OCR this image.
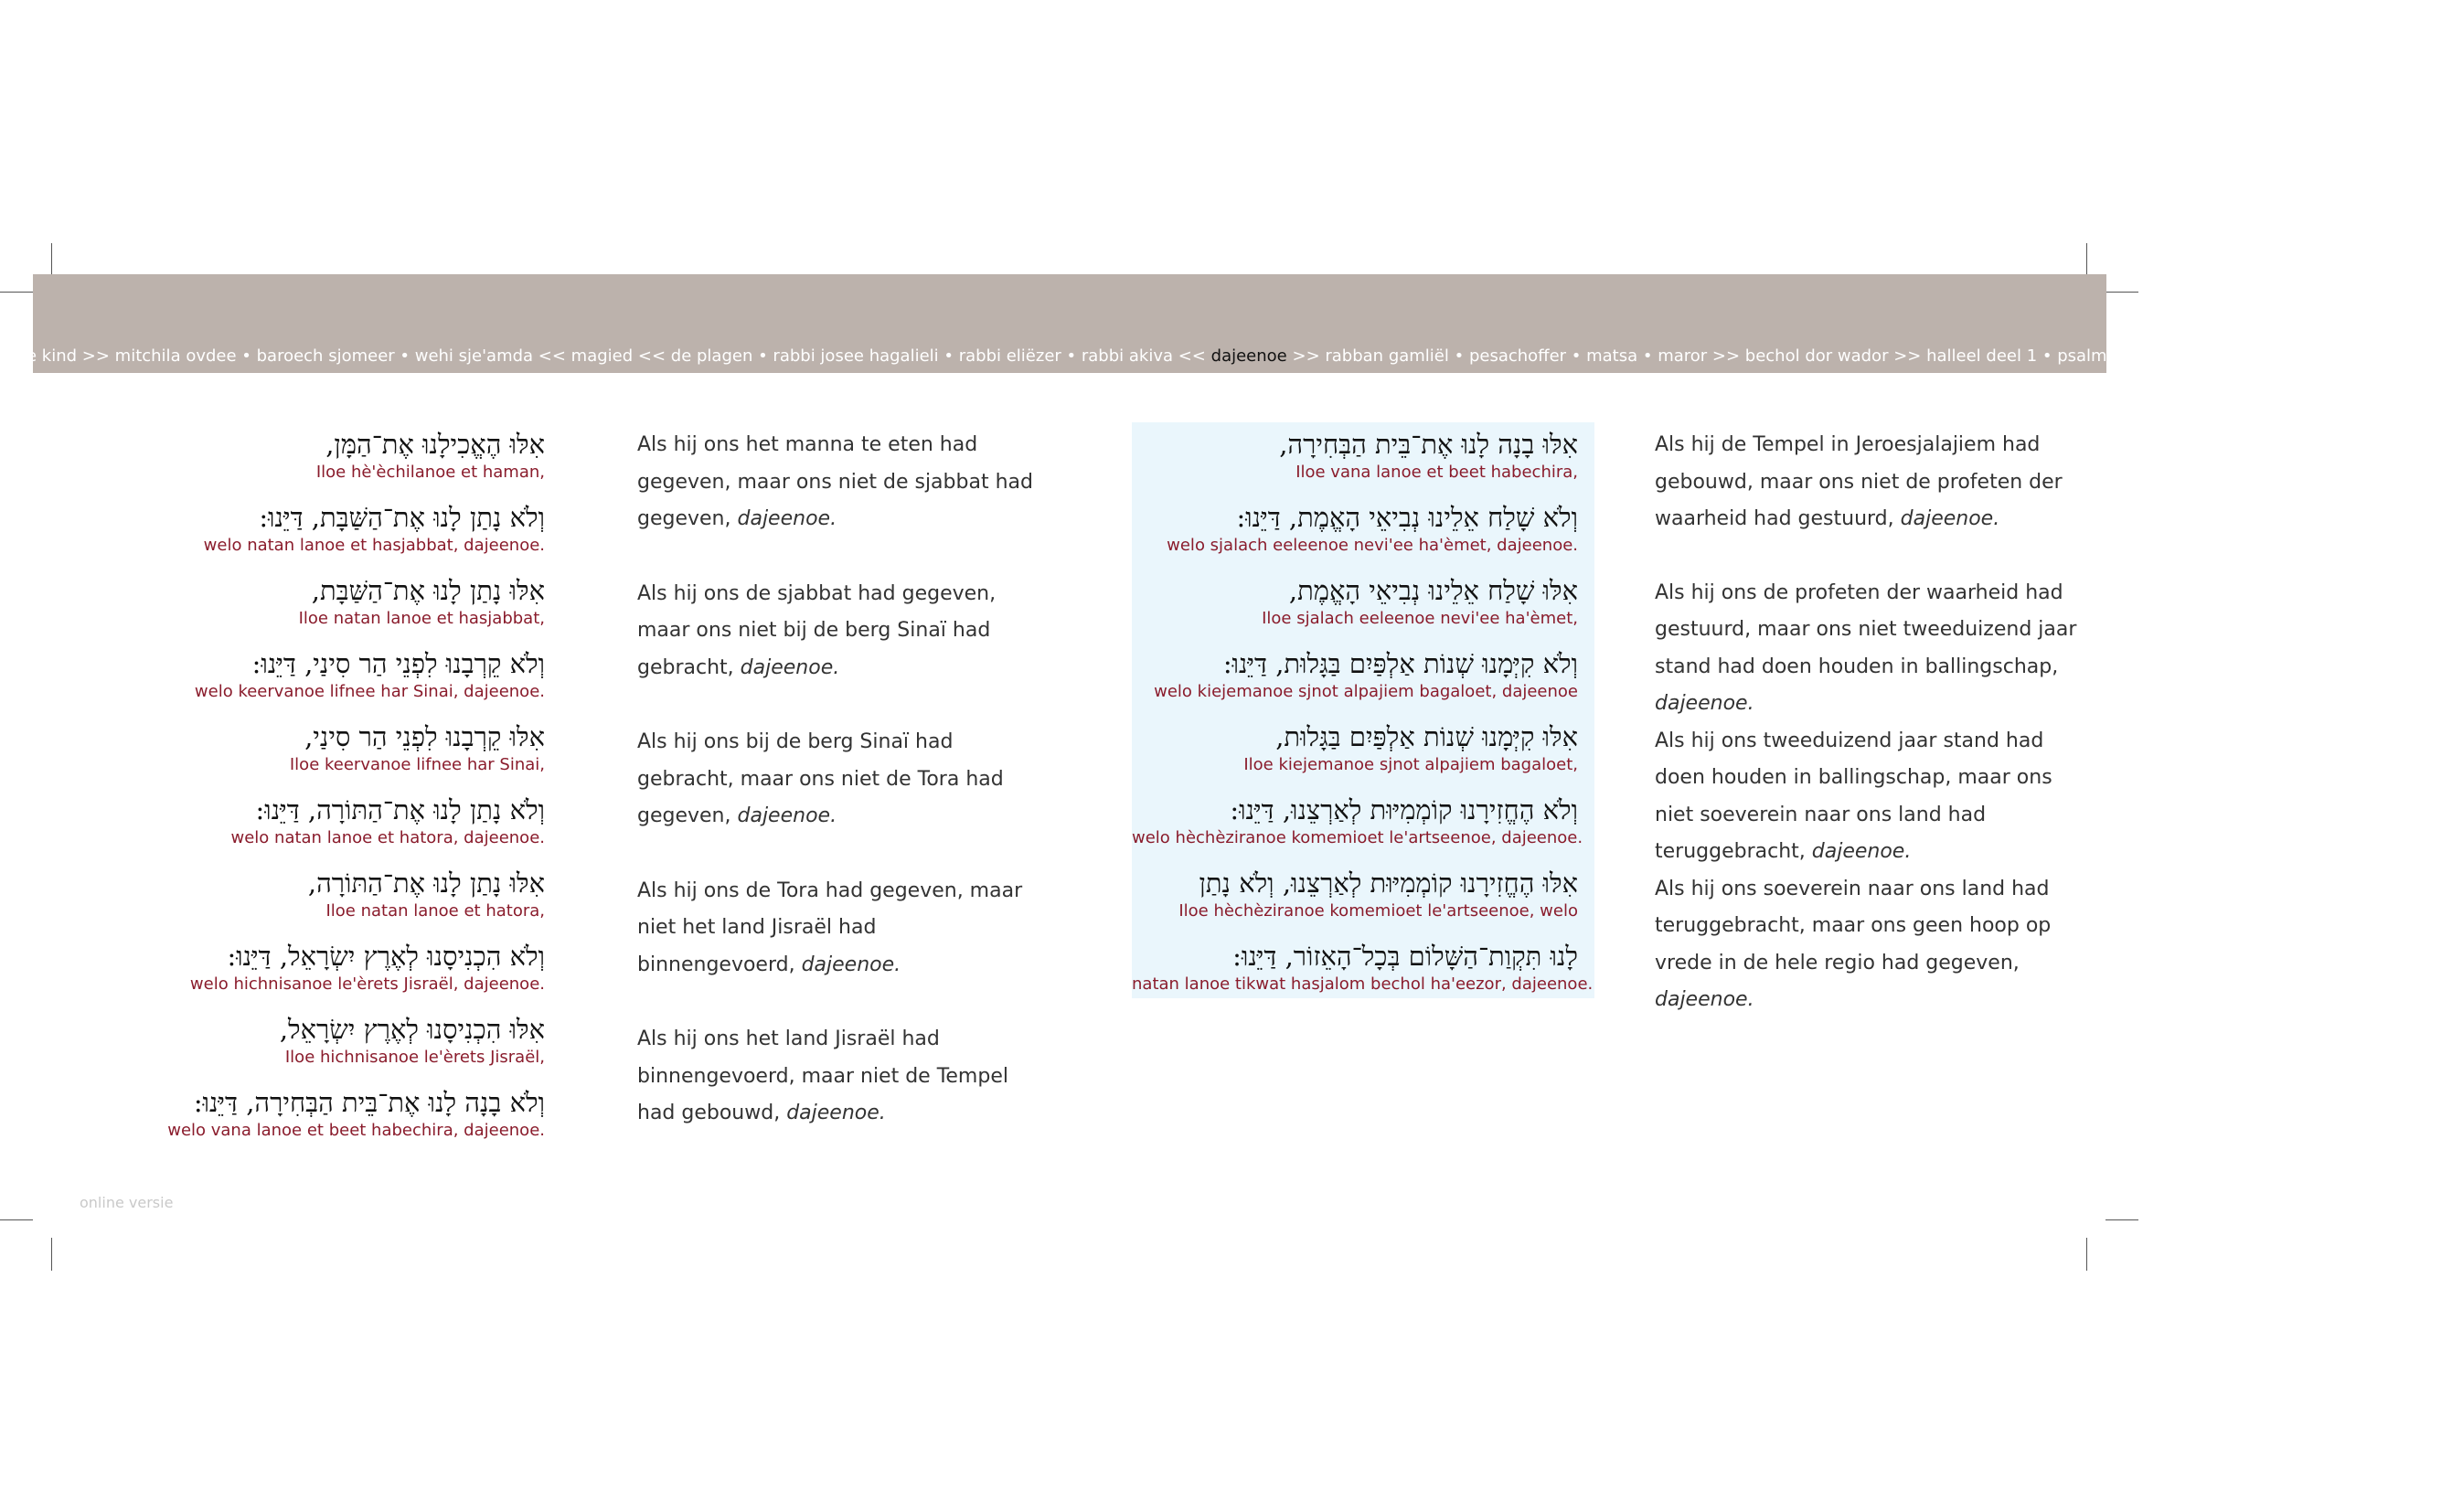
le kind >> mitchila ovdee • baroech sjomeer • wehi sje'amda << magied << de plagen • rabbi josee hagalieli • rabbi eliëzer • rabbi akiva << dajeenoe >> rabban gamliël • pesachoffer • matsa • maror >> bechol dor wador >> halleel deel 1 • psalm 113 • psalm 114 • beracha ga'al jisraël •
אִלּוּ הֶאֱכִילָנוּ אֶת־הַמָּן,
Iloe hè'èchilanoe et haman,
וְלֹא נָתַן לָנוּ אֶת־הַשַּׁבָּת, דַּיֵּנוּ:
welo natan lanoe et hasjabbat, dajeenoe.
אִלּוּ נָתַן לָנוּ אֶת־הַשַּׁבָּת,
Iloe natan lanoe et hasjabbat,
וְלֹא קֵרְבָנוּ לִפְנֵי הַר סִינַי, דַּיֵּנוּ:
welo keervanoe lifnee har Sinai, dajeenoe.
אִלּוּ קֵרְבָנוּ לִפְנֵי הַר סִינַי,
Iloe keervanoe lifnee har Sinai,
וְלֹא נָתַן לָנוּ אֶת־הַתּוֹרָה, דַּיֵּנוּ:
welo natan lanoe et hatora, dajeenoe.
אִלּוּ נָתַן לָנוּ אֶת־הַתּוֹרָה,
Iloe natan lanoe et hatora,
וְלֹא הִכְנִיסָנוּ לְאֶרֶץ יִשְׂרָאֵל, דַּיֵּנוּ:
welo hichnisanoe le'èrets Jisraël, dajeenoe.
אִלּוּ הִכְנִיסָנוּ לְאֶרֶץ יִשְׂרָאֵל,
Iloe hichnisanoe le'èrets Jisraël,
וְלֹא בָנָה לָנוּ אֶת־בֵּית הַבְּחִירָה, דַּיֵּנוּ:
welo vana lanoe et beet habechira, dajeenoe.

Als hij ons het manna te eten had gegeven, maar ons niet de sjabbat had gegeven, dajeenoe.

Als hij ons de sjabbat had gegeven, maar ons niet bij de berg Sinaï had gebracht, dajeenoe.

Als hij ons bij de berg Sinaï had gebracht, maar ons niet de Tora had gegeven, dajeenoe.

Als hij ons de Tora had gegeven, maar niet het land Jisraël had binnengevoerd, dajeenoe.

Als hij ons het land Jisraël had binnengevoerd, maar niet de Tempel had gebouwd, dajeenoe.

אִלּוּ בָנָה לָנוּ אֶת־בֵּית הַבְּחִירָה,
Iloe vana lanoe et beet habechira,
וְלֹא שָׁלַח אֵלֵינוּ נְבִיאֵי הָאֱמֶת, דַּיֵּנוּ:
welo sjalach eeleenoe nevi'ee ha'èmet, dajeenoe.
אִלּוּ שָׁלַח אֵלֵינוּ נְבִיאֵי הָאֱמֶת,
Iloe sjalach eeleenoe nevi'ee ha'èmet,
וְלֹא קִיְּמָנוּ שְׁנוֹת אַלְפַּיִם בַּגָּלוּת, דַּיֵּנוּ:
welo kiejemanoe sjnot alpajiem bagaloet, dajeenoe
אִלּוּ קִיְּמָנוּ שְׁנוֹת אַלְפַּיִם בַּגָּלוּת,
Iloe kiejemanoe sjnot alpajiem bagaloet,
וְלֹא הֶחֱזִירָנוּ קוֹמְמִיּוּת לְאַרְצֵנוּ, דַּיֵּנוּ:
welo hèchèziranoe komemioet le'artseenoe, dajeenoe.
אִלּוּ הֶחֱזִירָנוּ קוֹמְמִיּוּת לְאַרְצֵנוּ, וְלֹא נָתַן
Iloe hèchèziranoe komemioet le'artseenoe, welo
לָנוּ תִּקְוַת־הַשָּׁלוֹם בְּכָל־הָאֵזוֹר, דַּיֵּנוּ:
natan lanoe tikwat hasjalom bechol ha'eezor, dajeenoe.

Als hij de Tempel in Jeroesjalajiem had gebouwd, maar ons niet de profeten der waarheid had gestuurd, dajeenoe.

Als hij ons de profeten der waarheid had gestuurd, maar ons niet tweeduizend jaar stand had doen houden in ballingschap, dajeenoe.

Als hij ons tweeduizend jaar stand had doen houden in ballingschap, maar ons niet soeverein naar ons land had teruggebracht, dajeenoe.

Als hij ons soeverein naar ons land had teruggebracht, maar ons geen hoop op vrede in de hele regio had gegeven, dajeenoe.

online versie
